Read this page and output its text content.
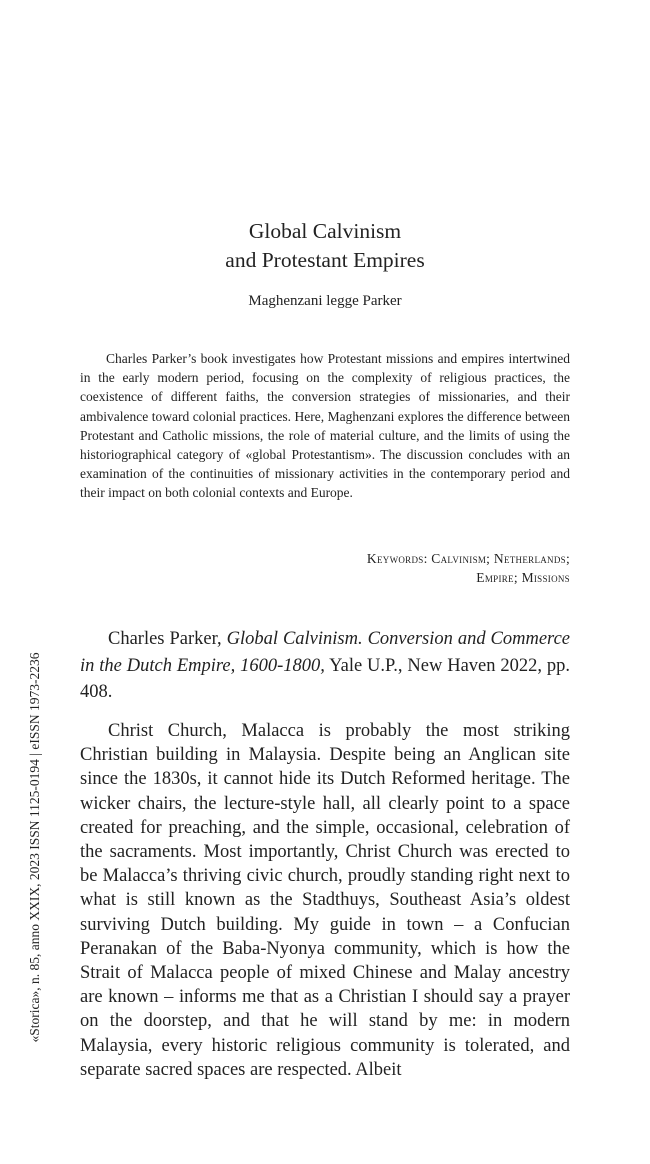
Global Calvinism
and Protestant Empires

Maghenzani legge Parker

Charles Parker’s book investigates how Protestant missions and empires intertwined in the early modern period, focusing on the complexity of religious practices, the coexistence of different faiths, the conversion strategies of missionaries, and their ambivalence toward colonial practices. Here, Maghenzani explores the difference between Protestant and Catholic missions, the role of material culture, and the limits of using the historiographical category of «global Protestantism». The discussion concludes with an examination of the continuities of missionary activities in the contemporary period and their impact on both colonial contexts and Europe.

Keywords: Calvinism; Netherlands;
Empire; Missions

Charles Parker, Global Calvinism. Conversion and Commerce in the Dutch Empire, 1600-1800, Yale U.P., New Haven 2022, pp. 408.

Christ Church, Malacca is probably the most striking Christian building in Malaysia. Despite being an Anglican site since the 1830s, it cannot hide its Dutch Reformed heritage. The wicker chairs, the lecture-style hall, all clearly point to a space created for preaching, and the simple, occasional, celebration of the sacraments. Most importantly, Christ Church was erected to be Malacca’s thriving civic church, proudly standing right next to what is still known as the Stadthuys, Southeast Asia’s oldest surviving Dutch building. My guide in town – a Confucian Peranakan of the Baba-Nyonya community, which is how the Strait of Malacca people of mixed Chinese and Malay ancestry are known – informs me that as a Christian I should say a prayer on the doorstep, and that he will stand by me: in modern Malaysia, every historic religious community is tolerated, and separate sacred spaces are respected. Albeit

«Storica», n. 85, anno XXIX, 2023 ISSN 1125-0194 | eISSN 1973-2236
